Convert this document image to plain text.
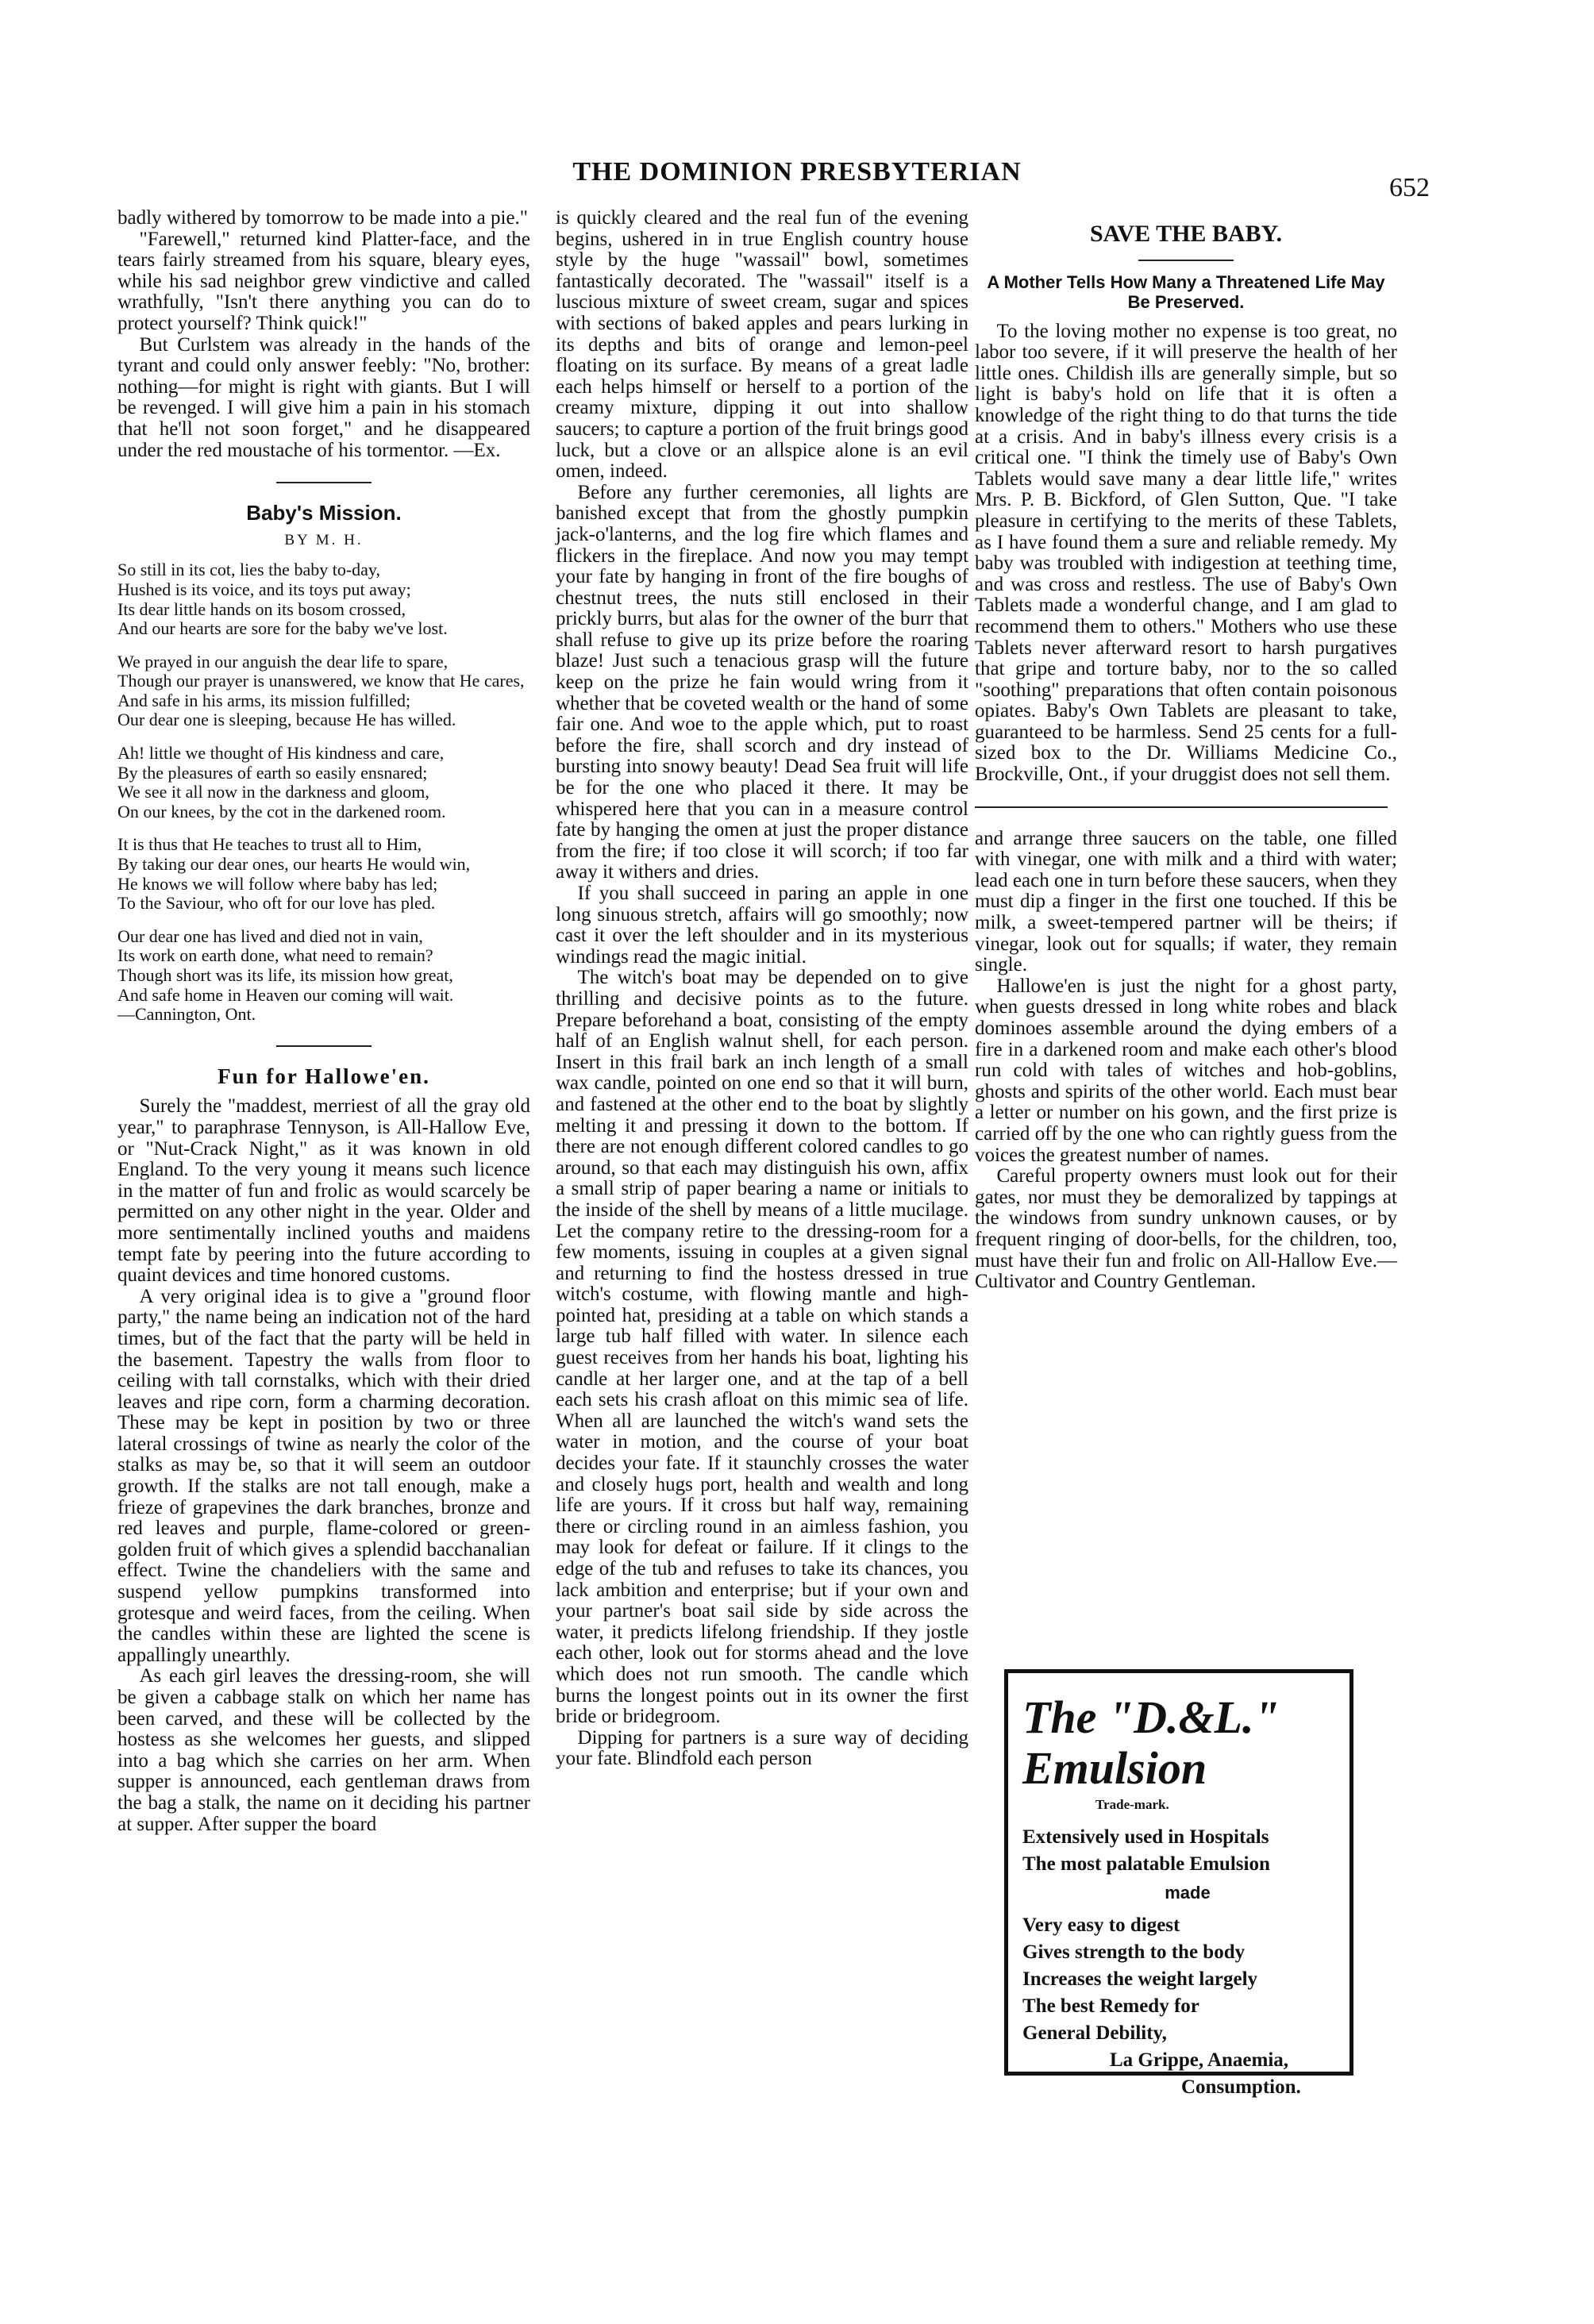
THE DOMINION PRESBYTERIAN
652

badly withered by tomorrow to be made into a pie."

"Farewell," returned kind Platter-face, and the tears fairly streamed from his square, bleary eyes, while his sad neighbor grew vindictive and called wrathfully, "Isn't there anything you can do to protect yourself? Think quick!"

But Curlstem was already in the hands of the tyrant and could only answer feebly: "No, brother: nothing—for might is right with giants. But I will be revenged. I will give him a pain in his stomach that he'll not soon forget," and he disappeared under the red moustache of his tormentor. —Ex.

Baby's Mission.
BY M. H.

So still in its cot, lies the baby to-day,
Hushed is its voice, and its toys put away;
Its dear little hands on its bosom crossed,
And our hearts are sore for the baby we've lost.

We prayed in our anguish the dear life to spare,
Though our prayer is unanswered, we know that He cares,
And safe in his arms, its mission fulfilled;
Our dear one is sleeping, because He has willed.

Ah! little we thought of His kindness and care,
By the pleasures of earth so easily ensnared;
We see it all now in the darkness and gloom,
On our knees, by the cot in the darkened room.

It is thus that He teaches to trust all to Him,
By taking our dear ones, our hearts He would win,
He knows we will follow where baby has led;
To the Saviour, who oft for our love has pled.

Our dear one has lived and died not in vain,
Its work on earth done, what need to remain?
Though short was its life, its mission how great,
And safe home in Heaven our coming will wait.
—Cannington, Ont.

Fun for Hallowe'en.

Surely the "maddest, merriest of all the gray old year," to paraphrase Tennyson, is All-Hallow Eve, or "Nut-Crack Night," as it was known in old England. To the very young it means such licence in the matter of fun and frolic as would scarcely be permitted on any other night in the year. Older and more sentimentally inclined youths and maidens tempt fate by peering into the future according to quaint devices and time honored customs.

A very original idea is to give a "ground floor party," the name being an indication not of the hard times, but of the fact that the party will be held in the basement. Tapestry the walls from floor to ceiling with tall cornstalks, which with their dried leaves and ripe corn, form a charming decoration. These may be kept in position by two or three lateral crossings of twine as nearly the color of the stalks as may be, so that it will seem an outdoor growth. If the stalks are not tall enough, make a frieze of grapevines the dark branches, bronze and red leaves and purple, flame-colored or green-golden fruit of which gives a splendid bacchanalian effect. Twine the chandeliers with the same and suspend yellow pumpkins transformed into grotesque and weird faces, from the ceiling. When the candles within these are lighted the scene is appallingly unearthly.

As each girl leaves the dressing-room, she will be given a cabbage stalk on which her name has been carved, and these will be collected by the hostess as she welcomes her guests, and slipped into a bag which she carries on her arm. When supper is announced, each gentleman draws from the bag a stalk, the name on it deciding his partner at supper. After supper the board

is quickly cleared and the real fun of the evening begins, ushered in in true English country house style by the huge "wassail" bowl, sometimes fantastically decorated. The "wassail" itself is a luscious mixture of sweet cream, sugar and spices with sections of baked apples and pears lurking in its depths and bits of orange and lemon-peel floating on its surface. By means of a great ladle each helps himself or herself to a portion of the creamy mixture, dipping it out into shallow saucers; to capture a portion of the fruit brings good luck, but a clove or an allspice alone is an evil omen, indeed.

Before any further ceremonies, all lights are banished except that from the ghostly pumpkin jack-o'lanterns, and the log fire which flames and flickers in the fireplace. And now you may tempt your fate by hanging in front of the fire boughs of chestnut trees, the nuts still enclosed in their prickly burrs, but alas for the owner of the burr that shall refuse to give up its prize before the roaring blaze! Just such a tenacious grasp will the future keep on the prize he fain would wring from it whether that be coveted wealth or the hand of some fair one. And woe to the apple which, put to roast before the fire, shall scorch and dry instead of bursting into snowy beauty! Dead Sea fruit will life be for the one who placed it there. It may be whispered here that you can in a measure control fate by hanging the omen at just the proper distance from the fire; if too close it will scorch; if too far away it withers and dries.

If you shall succeed in paring an apple in one long sinuous stretch, affairs will go smoothly; now cast it over the left shoulder and in its mysterious windings read the magic initial.

The witch's boat may be depended on to give thrilling and decisive points as to the future. Prepare beforehand a boat, consisting of the empty half of an English walnut shell, for each person. Insert in this frail bark an inch length of a small wax candle, pointed on one end so that it will burn, and fastened at the other end to the boat by slightly melting it and pressing it down to the bottom. If there are not enough different colored candles to go around, so that each may distinguish his own, affix a small strip of paper bearing a name or initials to the inside of the shell by means of a little mucilage. Let the company retire to the dressing-room for a few moments, issuing in couples at a given signal and returning to find the hostess dressed in true witch's costume, with flowing mantle and high-pointed hat, presiding at a table on which stands a large tub half filled with water. In silence each guest receives from her hands his boat, lighting his candle at her larger one, and at the tap of a bell each sets his crash afloat on this mimic sea of life. When all are launched the witch's wand sets the water in motion, and the course of your boat decides your fate. If it staunchly crosses the water and closely hugs port, health and wealth and long life are yours. If it cross but half way, remaining there or circling round in an aimless fashion, you may look for defeat or failure. If it clings to the edge of the tub and refuses to take its chances, you lack ambition and enterprise; but if your own and your partner's boat sail side by side across the water, it predicts lifelong friendship. If they jostle each other, look out for storms ahead and the love which does not run smooth. The candle which burns the longest points out in its owner the first bride or bridegroom.

Dipping for partners is a sure way of deciding your fate. Blindfold each person

SAVE THE BABY.
A Mother Tells How Many a Threatened Life May Be Preserved.

To the loving mother no expense is too great, no labor too severe, if it will preserve the health of her little ones. Childish ills are generally simple, but so light is baby's hold on life that it is often a knowledge of the right thing to do that turns the tide at a crisis. And in baby's illness every crisis is a critical one. "I think the timely use of Baby's Own Tablets would save many a dear little life," writes Mrs. P. B. Bickford, of Glen Sutton, Que. "I take pleasure in certifying to the merits of these Tablets, as I have found them a sure and reliable remedy. My baby was troubled with indigestion at teething time, and was cross and restless. The use of Baby's Own Tablets made a wonderful change, and I am glad to recommend them to others." Mothers who use these Tablets never afterward resort to harsh purgatives that gripe and torture baby, nor to the so called "soothing" preparations that often contain poisonous opiates. Baby's Own Tablets are pleasant to take, guaranteed to be harmless. Send 25 cents for a full-sized box to the Dr. Williams Medicine Co., Brockville, Ont., if your druggist does not sell them.

and arrange three saucers on the table, one filled with vinegar, one with milk and a third with water; lead each one in turn before these saucers, when they must dip a finger in the first one touched. If this be milk, a sweet-tempered partner will be theirs; if vinegar, look out for squalls; if water, they remain single.

Hallowe'en is just the night for a ghost party, when guests dressed in long white robes and black dominoes assemble around the dying embers of a fire in a darkened room and make each other's blood run cold with tales of witches and hob-goblins, ghosts and spirits of the other world. Each must bear a letter or number on his gown, and the first prize is carried off by the one who can rightly guess from the voices the greatest number of names.

Careful property owners must look out for their gates, nor must they be demoralized by tappings at the windows from sundry unknown causes, or by frequent ringing of door-bells, for the children, too, must have their fun and frolic on All-Hallow Eve.—Cultivator and Country Gentleman.

The "D.&L." Emulsion
Trade-mark.
Extensively used in Hospitals
The most palatable Emulsion
made
Very easy to digest
Gives strength to the body
Increases the weight largely
The best Remedy for
General Debility,
La Grippe, Anaemia,
Consumption.
